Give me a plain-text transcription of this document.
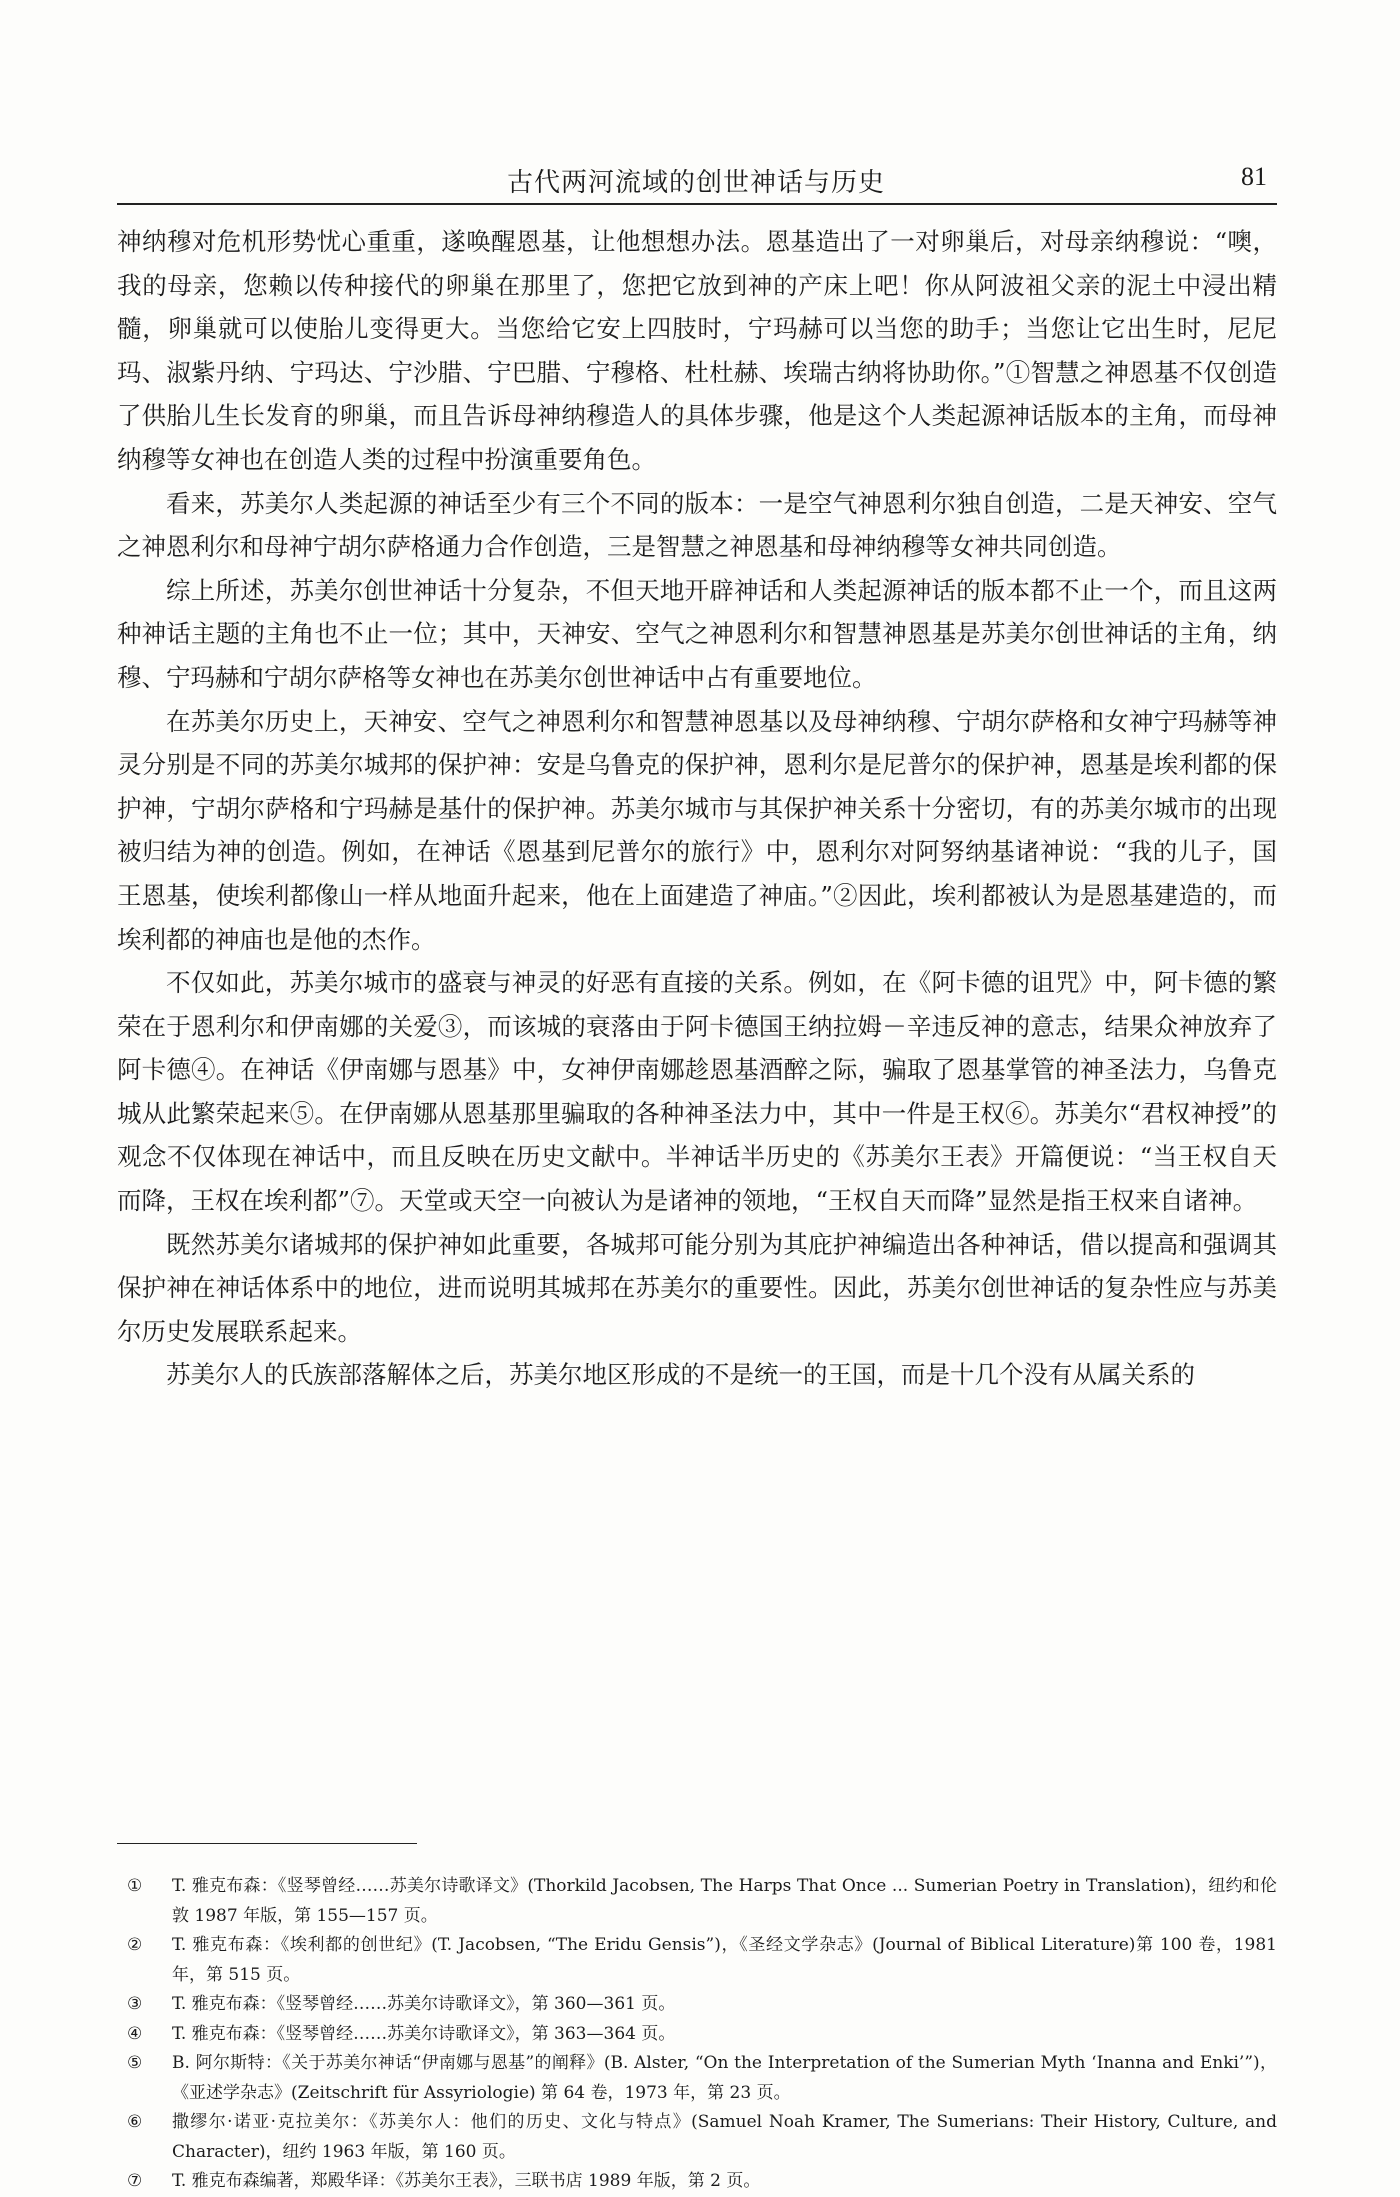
古代两河流域的创世神话与历史	81

神纳穆对危机形势忧心重重，遂唤醒恩基，让他想想办法。恩基造出了一对卵巢后，对母亲纳穆说：“噢，我的母亲，您赖以传种接代的卵巢在那里了，您把它放到神的产床上吧！你从阿波祖父亲的泥土中浸出精髓，卵巢就可以使胎儿变得更大。当您给它安上四肢时，宁玛赫可以当您的助手；当您让它出生时，尼尼玛、淑紫丹纳、宁玛达、宁沙腊、宁巴腊、宁穆格、杜杜赫、埃瑞古纳将协助你。”①智慧之神恩基不仅创造了供胎儿生长发育的卵巢，而且告诉母神纳穆造人的具体步骤，他是这个人类起源神话版本的主角，而母神纳穆等女神也在创造人类的过程中扮演重要角色。

看来，苏美尔人类起源的神话至少有三个不同的版本：一是空气神恩利尔独自创造，二是天神安、空气之神恩利尔和母神宁胡尔萨格通力合作创造，三是智慧之神恩基和母神纳穆等女神共同创造。

综上所述，苏美尔创世神话十分复杂，不但天地开辟神话和人类起源神话的版本都不止一个，而且这两种神话主题的主角也不止一位；其中，天神安、空气之神恩利尔和智慧神恩基是苏美尔创世神话的主角，纳穆、宁玛赫和宁胡尔萨格等女神也在苏美尔创世神话中占有重要地位。

在苏美尔历史上，天神安、空气之神恩利尔和智慧神恩基以及母神纳穆、宁胡尔萨格和女神宁玛赫等神灵分别是不同的苏美尔城邦的保护神：安是乌鲁克的保护神，恩利尔是尼普尔的保护神，恩基是埃利都的保护神，宁胡尔萨格和宁玛赫是基什的保护神。苏美尔城市与其保护神关系十分密切，有的苏美尔城市的出现被归结为神的创造。例如，在神话《恩基到尼普尔的旅行》中，恩利尔对阿努纳基诸神说：“我的儿子，国王恩基，使埃利都像山一样从地面升起来，他在上面建造了神庙。”②因此，埃利都被认为是恩基建造的，而埃利都的神庙也是他的杰作。

不仅如此，苏美尔城市的盛衰与神灵的好恶有直接的关系。例如，在《阿卡德的诅咒》中，阿卡德的繁荣在于恩利尔和伊南娜的关爱③，而该城的衰落由于阿卡德国王纳拉姆－辛违反神的意志，结果众神放弃了阿卡德④。在神话《伊南娜与恩基》中，女神伊南娜趁恩基酒醉之际，骗取了恩基掌管的神圣法力，乌鲁克城从此繁荣起来⑤。在伊南娜从恩基那里骗取的各种神圣法力中，其中一件是王权⑥。苏美尔“君权神授”的观念不仅体现在神话中，而且反映在历史文献中。半神话半历史的《苏美尔王表》开篇便说：“当王权自天而降，王权在埃利都”⑦。天堂或天空一向被认为是诸神的领地，“王权自天而降”显然是指王权来自诸神。

既然苏美尔诸城邦的保护神如此重要，各城邦可能分别为其庇护神编造出各种神话，借以提高和强调其保护神在神话体系中的地位，进而说明其城邦在苏美尔的重要性。因此，苏美尔创世神话的复杂性应与苏美尔历史发展联系起来。

苏美尔人的氏族部落解体之后，苏美尔地区形成的不是统一的王国，而是十几个没有从属关系的

① T. 雅克布森：《竖琴曾经……苏美尔诗歌译文》(Thorkild Jacobsen, The Harps That Once ... Sumerian Poetry in Translation)，纽约和伦敦 1987 年版，第 155—157 页。
② T. 雅克布森：《埃利都的创世纪》(T. Jacobsen, “The Eridu Gensis”)，《圣经文学杂志》(Journal of Biblical Literature)第 100 卷，1981 年，第 515 页。
③ T. 雅克布森：《竖琴曾经……苏美尔诗歌译文》，第 360—361 页。
④ T. 雅克布森：《竖琴曾经……苏美尔诗歌译文》，第 363—364 页。
⑤ B. 阿尔斯特：《关于苏美尔神话“伊南娜与恩基”的阐释》(B. Alster, “On the Interpretation of the Sumerian Myth ‘Inanna and Enki’”)，《亚述学杂志》(Zeitschrift für Assyriologie) 第 64 卷，1973 年，第 23 页。
⑥ 撒缪尔·诺亚·克拉美尔：《苏美尔人：他们的历史、文化与特点》(Samuel Noah Kramer, The Sumerians: Their History, Culture, and Character)，纽约 1963 年版，第 160 页。
⑦ T. 雅克布森编著，郑殿华译：《苏美尔王表》，三联书店 1989 年版，第 2 页。
